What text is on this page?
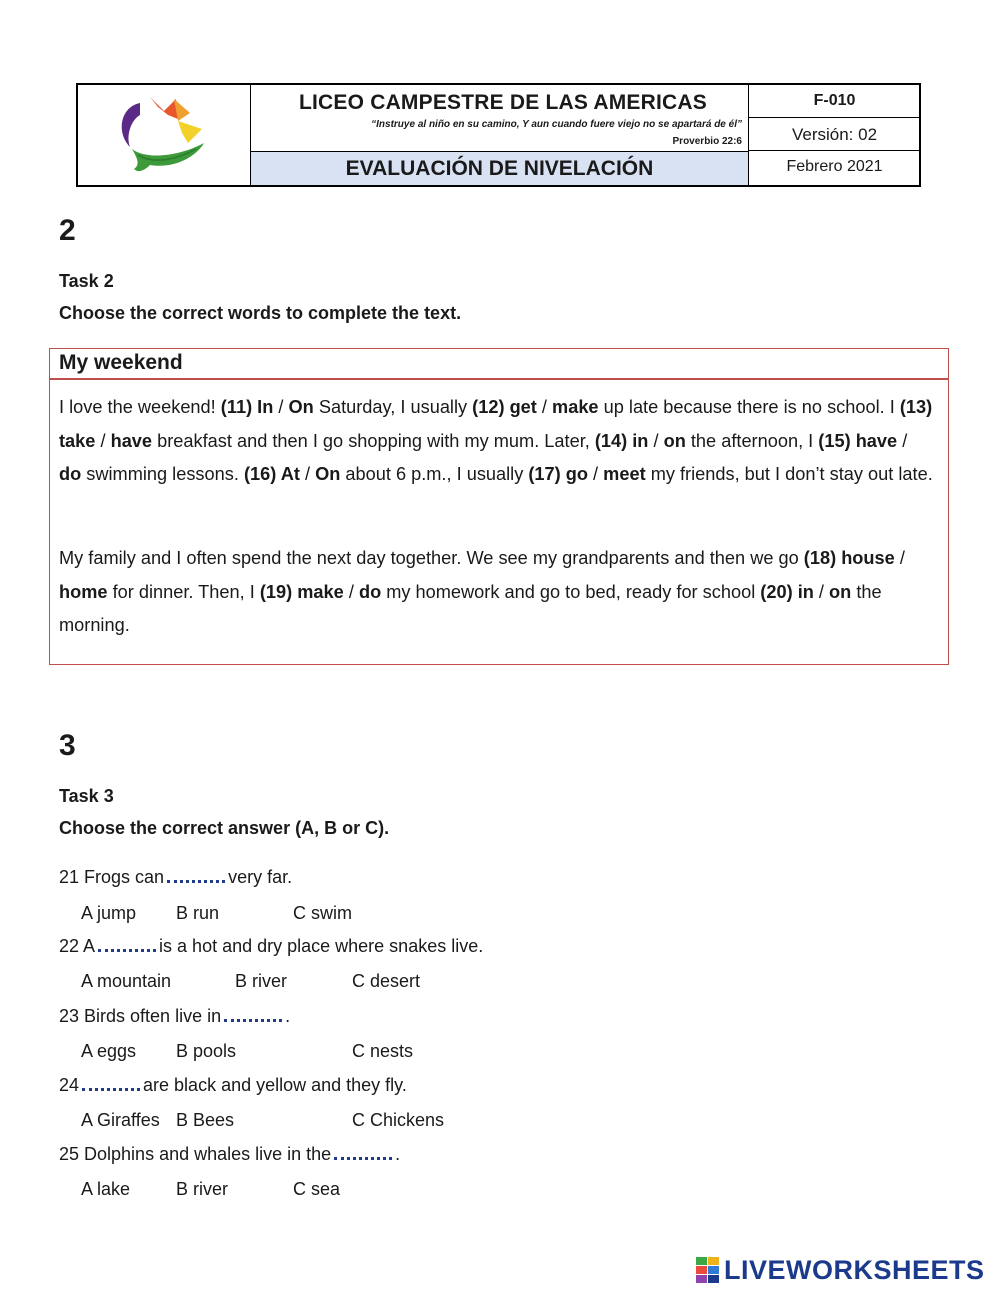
LICEO CAMPESTRE DE LAS AMERICAS
“Instruye al niño en su camino, Y aun cuando fuere viejo no se apartará de él”
Proverbio 22:6
EVALUACIÓN DE NIVELACIÓN
F-010
Versión: 02
Febrero 2021
2
Task 2
Choose the correct words to complete the text.
My weekend
I love the weekend! (11) In / On Saturday, I usually (12) get / make up late because there is no school. I (13) take / have breakfast and then I go shopping with my mum. Later, (14) in / on the afternoon, I (15) have / do swimming lessons. (16) At / On about 6 p.m., I usually (17) go / meet my friends, but I don’t stay out late.
My family and I often spend the next day together. We see my grandparents and then we go (18) house / home for dinner. Then, I (19) make / do my homework and go to bed, ready for school (20) in / on the morning.
3
Task 3
Choose the correct answer (A, B or C).
21 Frogs can	very far.
A jump B run	C swim
22 A	is a hot and dry place where snakes live.
A mountain	B river	C desert
23 Birds often live in	.
A eggs B pools	C nests
24	are black and yellow and they fly.
A Giraffes B Bees	C Chickens
25 Dolphins and whales live in the	.
A lake	B river	C sea
LIVEWORKSHEETS
